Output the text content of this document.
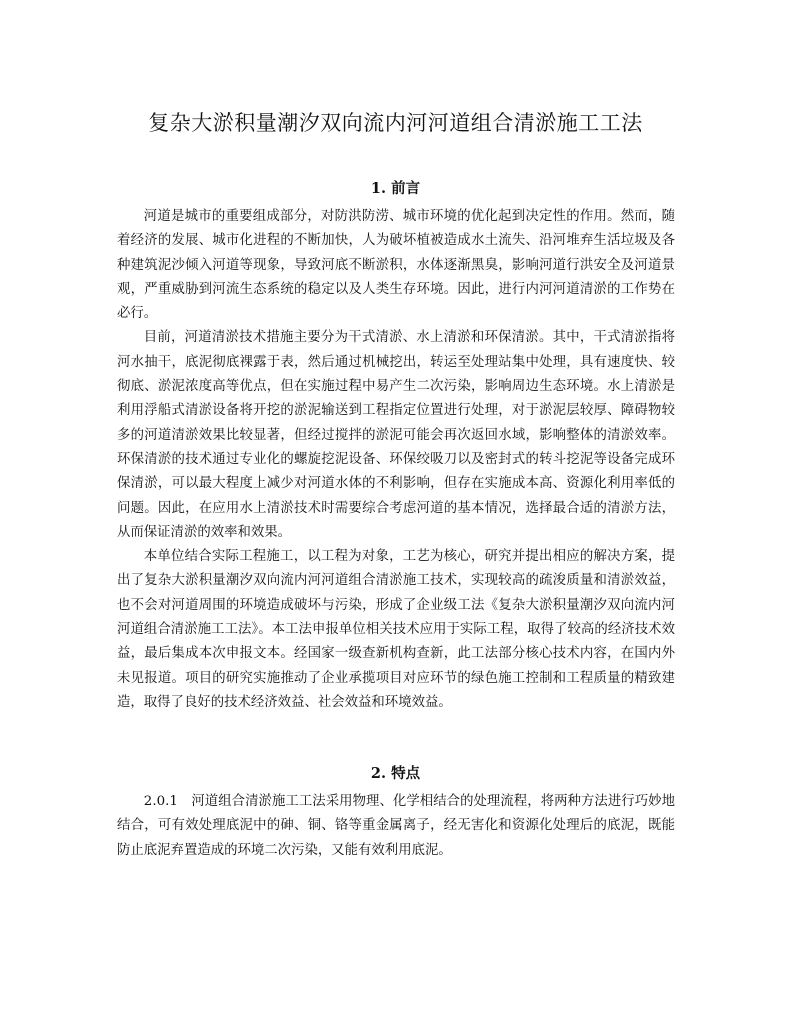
复杂大淤积量潮汐双向流内河河道组合清淤施工工法
1. 前言

河道是城市的重要组成部分，对防洪防涝、城市环境的优化起到决定性的作用。然而，随着经济的发展、城市化进程的不断加快，人为破坏植被造成水土流失、沿河堆弃生活垃圾及各种建筑泥沙倾入河道等现象，导致河底不断淤积，水体逐渐黑臭，影响河道行洪安全及河道景观，严重威胁到河流生态系统的稳定以及人类生存环境。因此，进行内河河道清淤的工作势在必行。

目前，河道清淤技术措施主要分为干式清淤、水上清淤和环保清淤。其中，干式清淤指将河水抽干，底泥彻底裸露于表，然后通过机械挖出，转运至处理站集中处理，具有速度快、较彻底、淤泥浓度高等优点，但在实施过程中易产生二次污染，影响周边生态环境。水上清淤是利用浮船式清淤设备将开挖的淤泥输送到工程指定位置进行处理，对于淤泥层较厚、障碍物较多的河道清淤效果比较显著，但经过搅拌的淤泥可能会再次返回水域，影响整体的清淤效率。环保清淤的技术通过专业化的螺旋挖泥设备、环保绞吸刀以及密封式的转斗挖泥等设备完成环保清淤，可以最大程度上减少对河道水体的不利影响，但存在实施成本高、资源化利用率低的问题。因此，在应用水上清淤技术时需要综合考虑河道的基本情况，选择最合适的清淤方法，从而保证清淤的效率和效果。

本单位结合实际工程施工，以工程为对象，工艺为核心，研究并提出相应的解决方案，提出了复杂大淤积量潮汐双向流内河河道组合清淤施工技术，实现较高的疏浚质量和清淤效益，也不会对河道周围的环境造成破坏与污染，形成了企业级工法《复杂大淤积量潮汐双向流内河河道组合清淤施工工法》。本工法申报单位相关技术应用于实际工程，取得了较高的经济技术效益，最后集成本次申报文本。经国家一级查新机构查新，此工法部分核心技术内容，在国内外未见报道。项目的研究实施推动了企业承揽项目对应环节的绿色施工控制和工程质量的精致建造，取得了良好的技术经济效益、社会效益和环境效益。

2. 特点

2.0.1　河道组合清淤施工工法采用物理、化学相结合的处理流程，将两种方法进行巧妙地结合，可有效处理底泥中的砷、铜、铬等重金属离子，经无害化和资源化处理后的底泥，既能防止底泥弃置造成的环境二次污染，又能有效利用底泥。
